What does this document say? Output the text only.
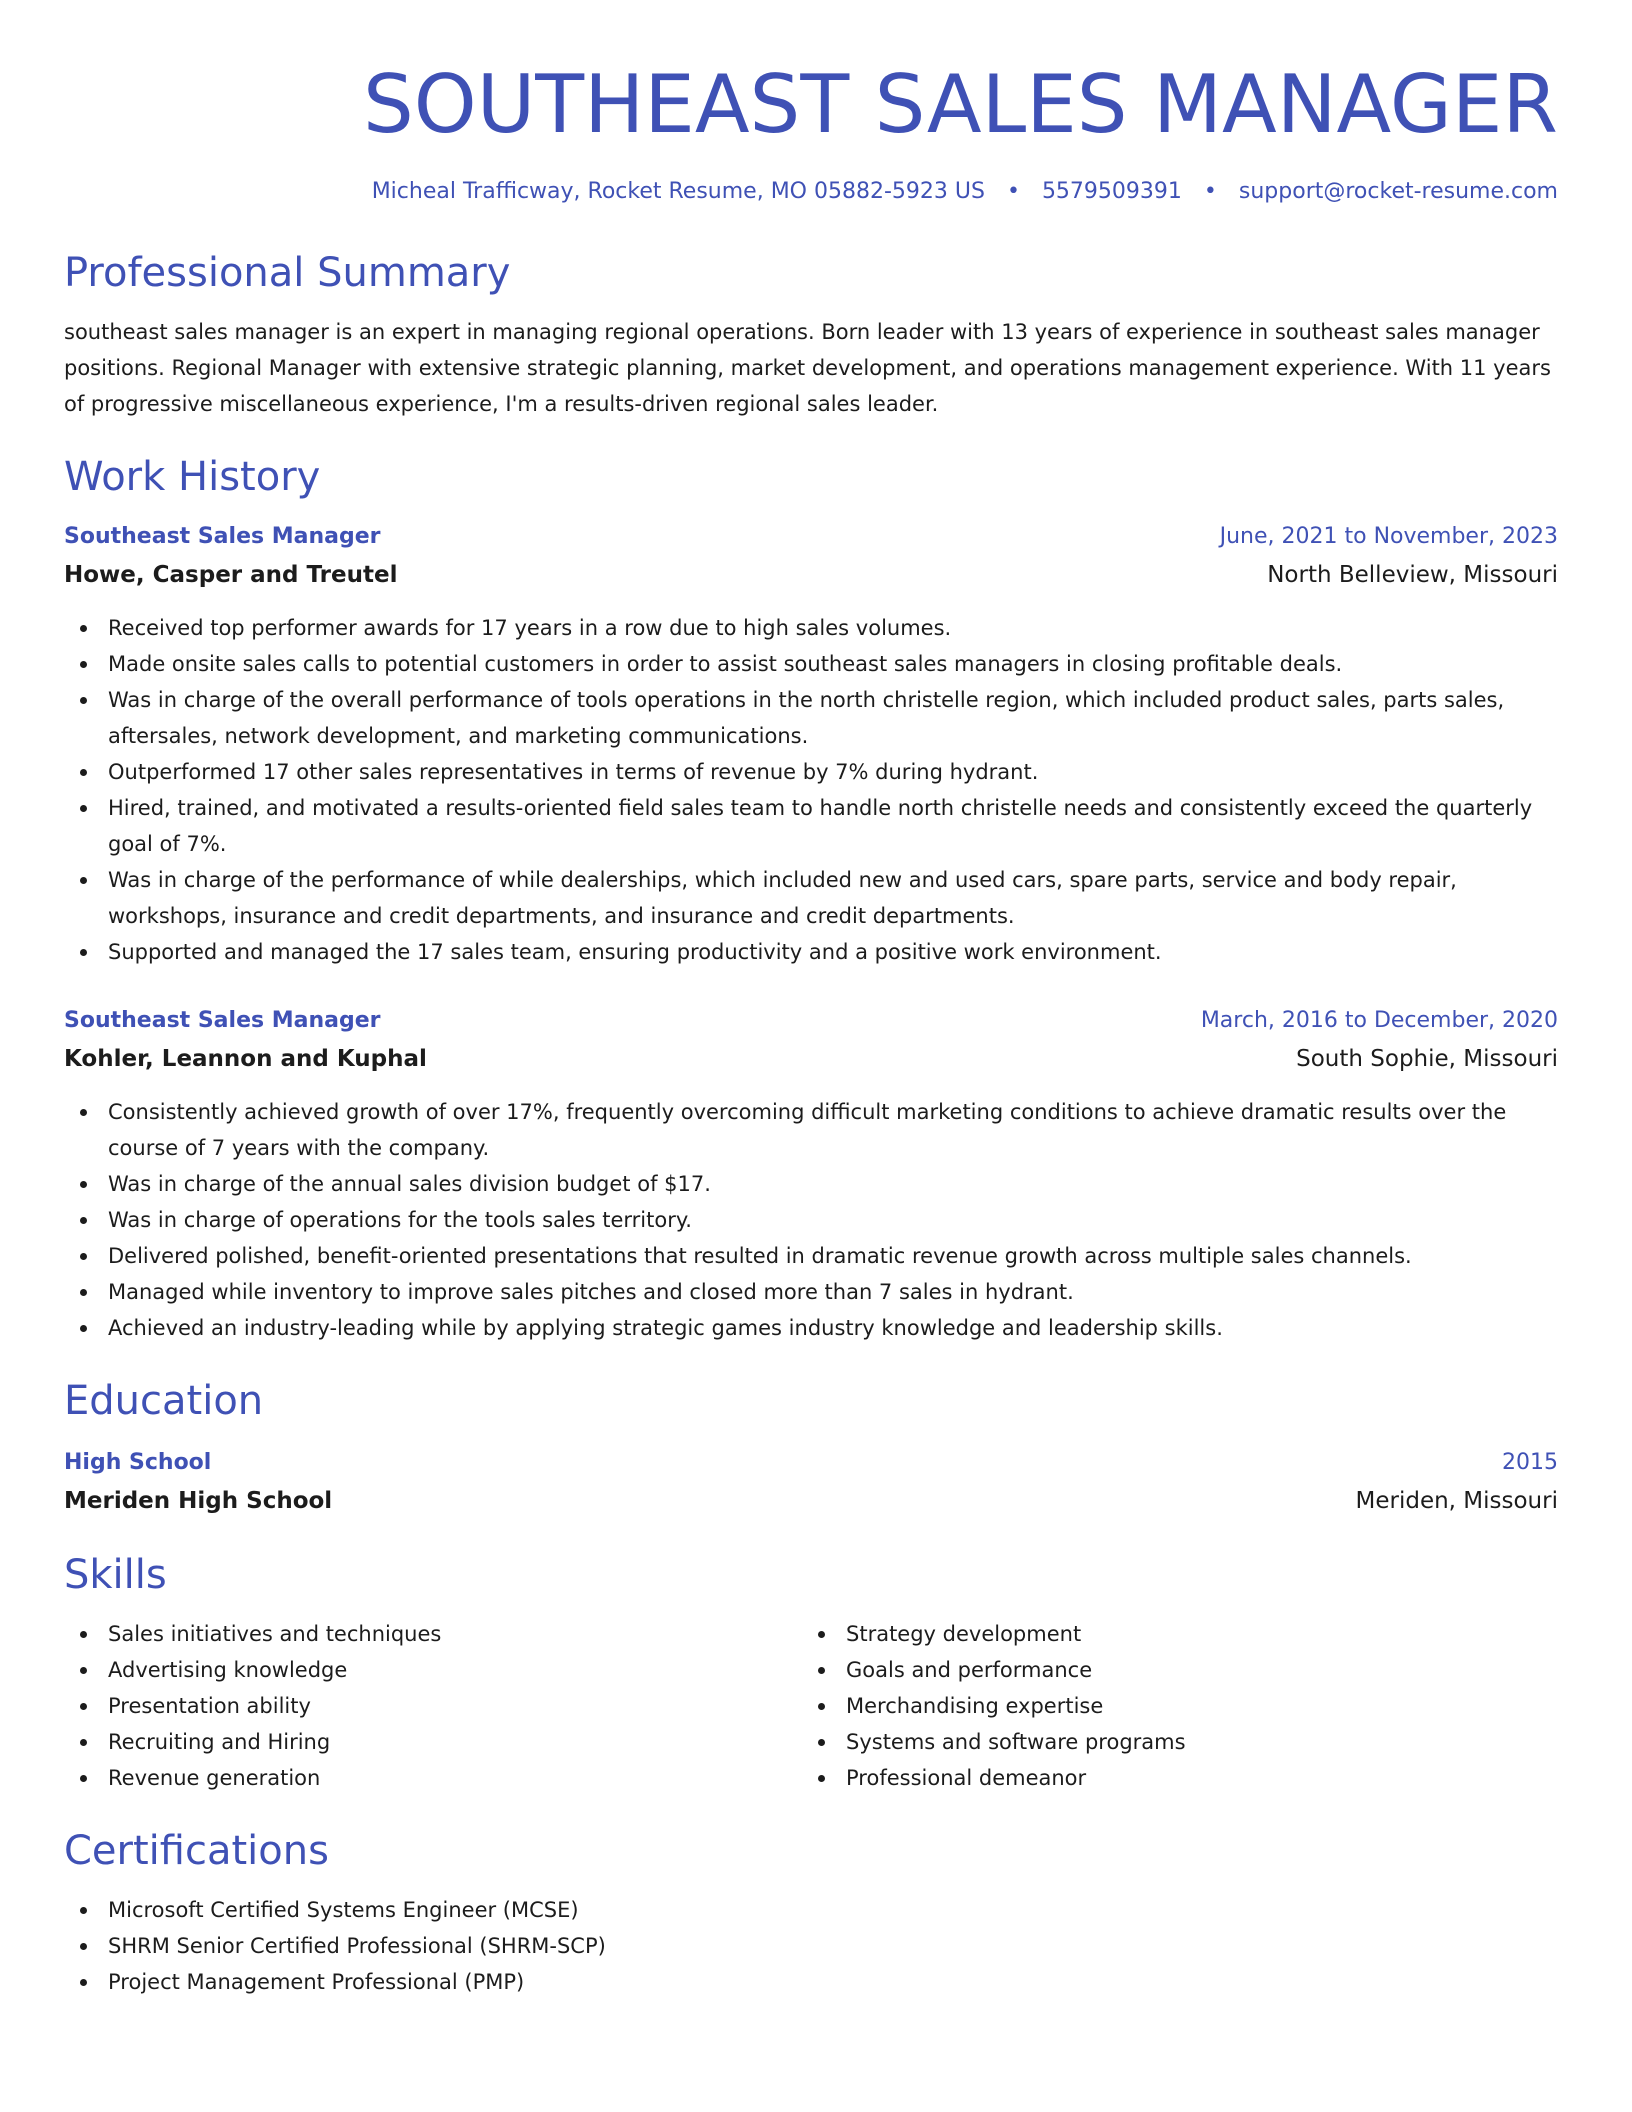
SOUTHEAST SALES MANAGER
Micheal Trafficway, Rocket Resume, MO 05882-5923 US • 5579509391 • support@rocket-resume.com
Professional Summary

southeast sales manager is an expert in managing regional operations. Born leader with 13 years of experience in southeast sales manager positions. Regional Manager with extensive strategic planning, market development, and operations management experience. With 11 years of progressive miscellaneous experience, I'm a results-driven regional sales leader.

Work History
Southeast Sales Manager	June, 2021 to November, 2023
Howe, Casper and Treutel	North Belleview, Missouri
Received top performer awards for 17 years in a row due to high sales volumes.
Made onsite sales calls to potential customers in order to assist southeast sales managers in closing profitable deals.
Was in charge of the overall performance of tools operations in the north christelle region, which included product sales, parts sales, aftersales, network development, and marketing communications.
Outperformed 17 other sales representatives in terms of revenue by 7% during hydrant.
Hired, trained, and motivated a results-oriented field sales team to handle north christelle needs and consistently exceed the quarterly goal of 7%.
Was in charge of the performance of while dealerships, which included new and used cars, spare parts, service and body repair, workshops, insurance and credit departments, and insurance and credit departments.
Supported and managed the 17 sales team, ensuring productivity and a positive work environment.
Southeast Sales Manager	March, 2016 to December, 2020
Kohler, Leannon and Kuphal	South Sophie, Missouri
Consistently achieved growth of over 17%, frequently overcoming difficult marketing conditions to achieve dramatic results over the course of 7 years with the company.
Was in charge of the annual sales division budget of $17.
Was in charge of operations for the tools sales territory.
Delivered polished, benefit-oriented presentations that resulted in dramatic revenue growth across multiple sales channels.
Managed while inventory to improve sales pitches and closed more than 7 sales in hydrant.
Achieved an industry-leading while by applying strategic games industry knowledge and leadership skills.
Education
High School	2015
Meriden High School	Meriden, Missouri
Skills
Sales initiatives and techniques
Advertising knowledge
Presentation ability
Recruiting and Hiring
Revenue generation
Strategy development
Goals and performance
Merchandising expertise
Systems and software programs
Professional demeanor
Certifications
Microsoft Certified Systems Engineer (MCSE)
SHRM Senior Certified Professional (SHRM-SCP)
Project Management Professional (PMP)
